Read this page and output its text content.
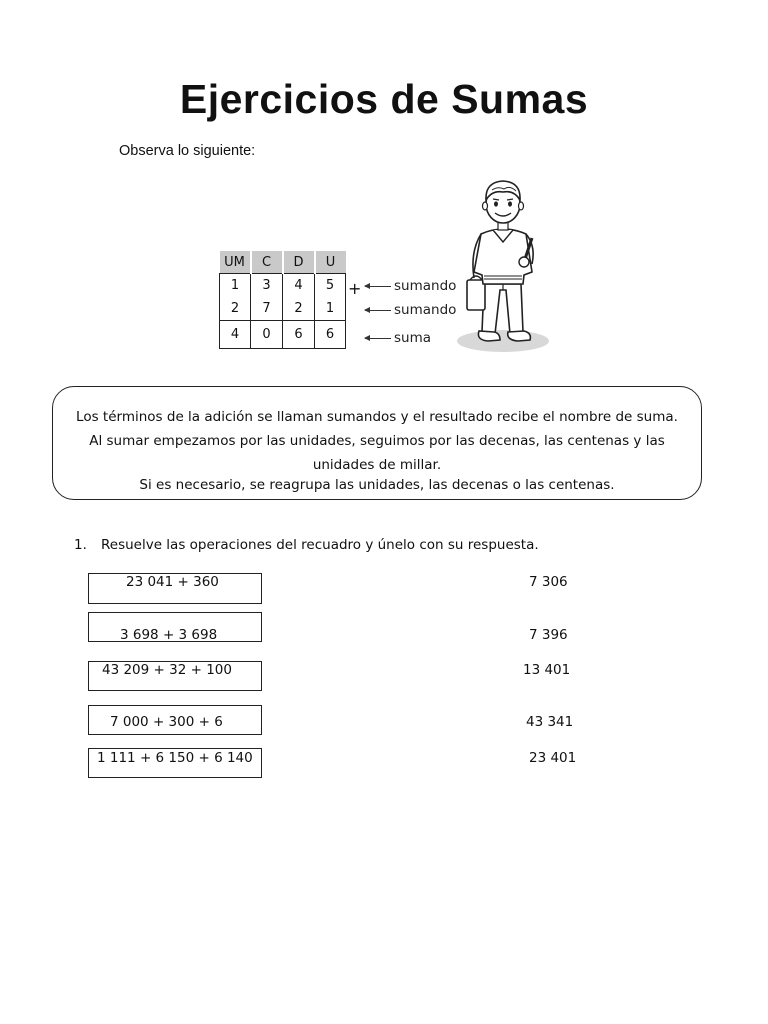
Ejercicios de Sumas
Observa lo siguiente:
UM	C	D	U
1	3	4	5
2	7	2	1
4	0	6	6
+ sumando
sumando
suma

Los términos de la adición se llaman sumandos y el resultado recibe el nombre de suma.

Al sumar empezamos por las unidades, seguimos por las decenas, las centenas y las

unidades de millar.

Si es necesario, se reagrupa las unidades, las decenas o las centenas.

1. Resuelve las operaciones del recuadro y únelo con su respuesta.
23 041 + 360
3 698 + 3 698
43 209 + 32 + 100
7 000 + 300 + 6
1 111 + 6 150 + 6 140
7 306
7 396
13 401
43 341
23 401
